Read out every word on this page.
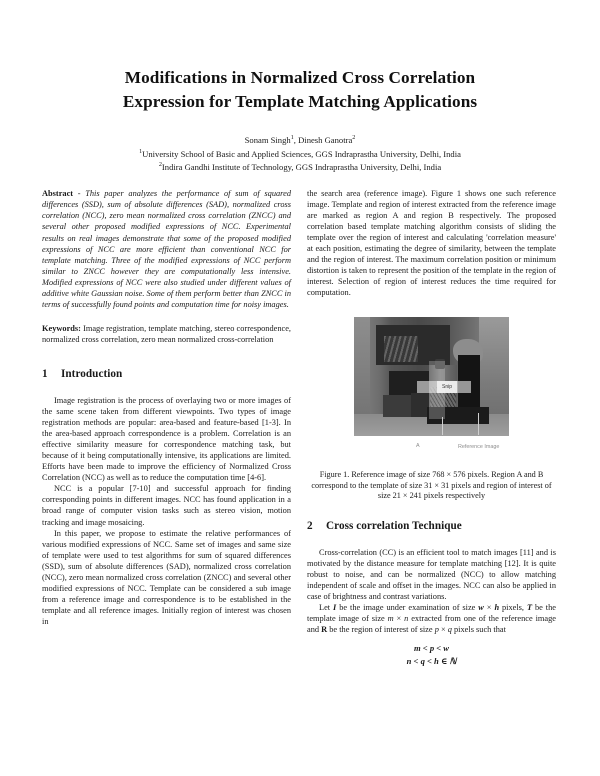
Modifications in Normalized Cross Correlation
Expression for Template Matching Applications
Sonam Singh$^1$, Dinesh Ganotra$^2$
$^1$University School of Basic and Applied Sciences, GGS Indraprastha University, Delhi, India
$^2$Indira Gandhi Institute of Technology, GGS Indraprastha University, Delhi, India

Abstract - This paper analyzes the performance of sum of squared differences (SSD), sum of absolute differences (SAD), normalized cross correlation (NCC), zero mean normalized cross correlation (ZNCC) and several other proposed modified expressions of NCC. Experimental results on real images demonstrate that some of the proposed modified expressions of NCC are more efficient than conventional NCC for template matching. Three of the modified expressions of NCC perform similar to ZNCC however they are computationally less intensive. Modified expressions of NCC were also studied under different values of additive white Gaussian noise. Some of them perform better than ZNCC in terms of successfully found points and computation time for noisy images.

Keywords: Image registration, template matching, stereo correspondence, normalized cross correlation, zero mean normalized cross-correlation

1 Introduction

Image registration is the process of overlaying two or more images of the same scene taken from different viewpoints. Two types of image registration methods are popular: area-based and feature-based [1-3]. In the area-based approach correspondence is a problem. Correlation is an effective similarity measure for correspondence matching task, but because of it being computationally intensive, its applications are limited. Efforts have been made to improve the efficiency of Normalized Cross Correlation (NCC) as well as to reduce the computation time [4-6].

NCC is a popular [7-10] and successful approach for finding corresponding points in different images. NCC has found application in a broad range of computer vision tasks such as stereo vision, motion tracking and image mosaicing.

In this paper, we propose to estimate the relative performances of various modified expressions of NCC. Same set of images and same size of template were used to test algorithms for sum of squared differences (SSD), sum of absolute differences (SAD), normalized cross correlation (NCC), zero mean normalized cross correlation (ZNCC) and several other modified expressions of NCC. Template can be considered a sub image from a reference image and correspondence is to be established in the template and all reference images. Initially region of interest was chosen in

the search area (reference image). Figure 1 shows one such reference image. Template and region of interest extracted from the reference image are marked as region A and region B respectively. The proposed correlation based template matching algorithm consists of sliding the template over the region of interest and calculating 'correlation measure' at each position, estimating the degree of similarity, between the template and the region of interest. The maximum correlation position or minimum distortion is taken to represent the position of the template in the region of interest. Selection of region of interest reduces the time required for computation.

Snip
A	Reference Image
Figure 1. Reference image of size 768 × 576 pixels. Region A and B correspond to the template of size 31 × 31 pixels and region of interest of size 21 × 241 pixels respectively
2 Cross correlation Technique

Cross-correlation (CC) is an efficient tool to match images [11] and is motivated by the distance measure for template matching [12]. It is quite robust to noise, and can be normalized (NCC) to allow matching independent of scale and offset in the images. NCC can also be applied in case of brightness and contrast variations.

Let I be the image under examination of size w × h pixels, T be the template image of size m × n extracted from one of the reference image and R be the region of interest of size p × q pixels such that

m < p < w
n < q < h ∈ ℕ
